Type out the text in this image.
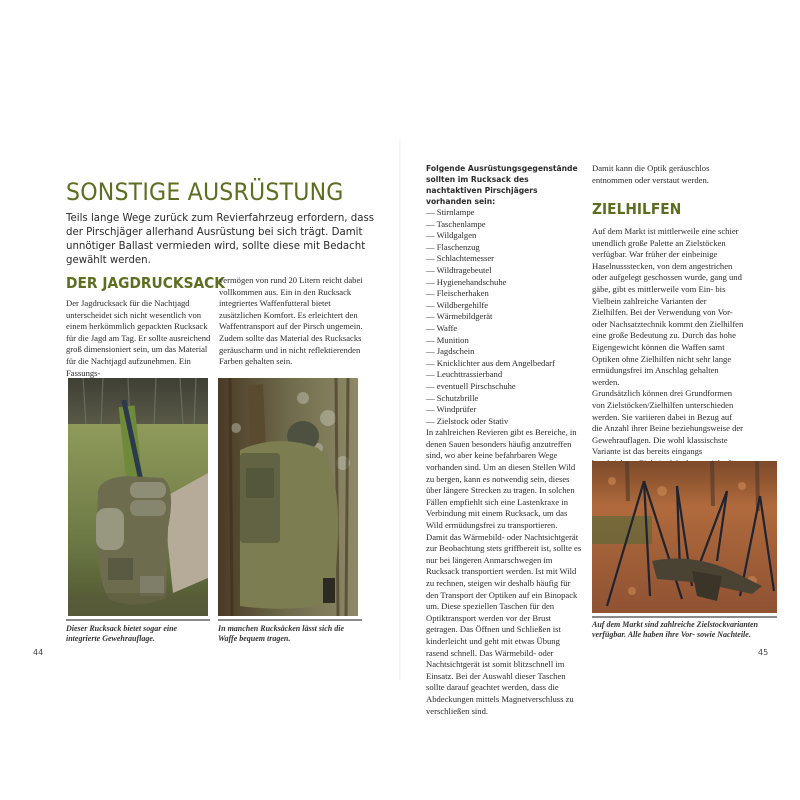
SONSTIGE AUSRÜSTUNG

Teils lange Wege zurück zum Revierfahrzeug erfordern, dass der Pirschjäger allerhand Ausrüstung bei sich trägt. Damit unnötiger Ballast vermieden wird, sollte diese mit Bedacht gewählt werden.

DER JAGDRUCKSACK

Der Jagdrucksack für die Nachtjagd unterscheidet sich nicht wesentlich von einem herkömmlich gepackten Rucksack für die Jagd am Tag. Er sollte ausreichend groß dimensioniert sein, um das Material für die Nachtjagd aufzunehmen. Ein Fassungs-

vermögen von rund 20 Litern reicht dabei vollkommen aus. Ein in den Rucksack integriertes Waffenfutteral bietet zusätzlichen Komfort. Es erleichtert den Waffentransport auf der Pirsch ungemein. Zudem sollte das Material des Rucksacks geräuscharm und in nicht reflektierenden Farben gehalten sein.

Dieser Rucksack bietet sogar eine integrierte Gewehrauflage.

In manchen Rucksäcken lässt sich die Waffe bequem tragen.

44

Folgende Ausrüstungsgegenstände sollten im Rucksack des nachtaktiven Pirschjägers vorhanden sein:

— Stirnlampe
— Taschenlampe
— Wildgalgen
— Flaschenzug
— Schlachtemesser
— Wildtragebeutel
— Hygienehandschuhe
— Fleischerhaken
— Wildbergehilfe
— Wärmebildgerät
— Waffe
— Munition
— Jagdschein
— Knicklichter aus dem Angelbedarf
— Leuchttrassierband
— eventuell Pirschschuhe
— Schutzbrille
— Windprüfer
— Zielstock oder Stativ

In zahlreichen Revieren gibt es Bereiche, in denen Sauen besonders häufig anzutreffen sind, wo aber keine befahrbaren Wege vorhanden sind. Um an diesen Stellen Wild zu bergen, kann es notwendig sein, dieses über längere Strecken zu tragen. In solchen Fällen empfiehlt sich eine Lastenkraxe in Verbindung mit einem Rucksack, um das Wild ermüdungsfrei zu transportieren.

Damit das Wärmebild- oder Nachtsichtgerät zur Beobachtung stets griffbereit ist, sollte es nur bei längeren Anmarschwegen im Rucksack transportiert werden. Ist mit Wild zu rechnen, steigen wir deshalb häufig für den Transport der Optiken auf ein Binopack um. Diese speziellen Taschen für den Optiktransport werden vor der Brust getragen. Das Öffnen und Schließen ist kinderleicht und geht mit etwas Übung rasend schnell. Das Wärmebild- oder Nachtsichtgerät ist somit blitzschnell im Einsatz. Bei der Auswahl dieser Taschen sollte darauf geachtet werden, dass die Abdeckungen mittels Magnetverschluss zu verschließen sind.

Damit kann die Optik geräuschlos entnommen oder verstaut werden.

ZIELHILFEN

Auf dem Markt ist mittlerweile eine schier unendlich große Palette an Zielstöcken verfügbar. War früher der einbeinige Haselnussstecken, von dem angestrichen oder aufgelegt geschossen wurde, gang und gäbe, gibt es mittlerweile vom Ein- bis Vielbein zahlreiche Varianten der Zielhilfen. Bei der Verwendung von Vor- oder Nachsatztechnik kommt den Zielhilfen eine große Bedeutung zu. Durch das hohe Eigengewicht können die Waffen samt Optiken ohne Zielhilfen nicht sehr lange ermüdungsfrei im Anschlag gehalten werden.

Grundsätzlich können drei Grundformen von Zielstöcken/Zielhilfen unterschieden werden. Sie variieren dabei in Bezug auf die Anzahl ihrer Beine beziehungsweise der Gewehrauflagen. Die wohl klassischste Variante ist das bereits eingangs

Auf dem Markt sind zahlreiche Zielstockvarianten verfügbar. Alle haben ihre Vor- sowie Nachteile.

45
